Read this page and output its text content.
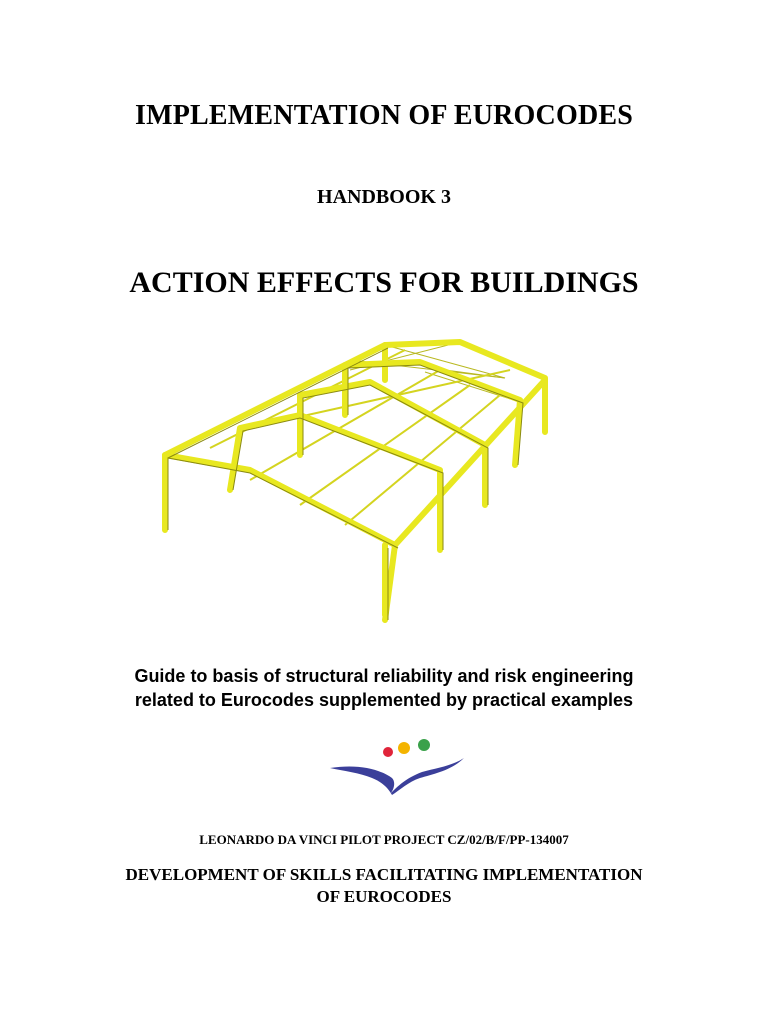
IMPLEMENTATION OF EUROCODES
HANDBOOK 3
ACTION EFFECTS FOR BUILDINGS
Guide to basis of structural reliability and risk engineering
related to Eurocodes supplemented by practical examples
LEONARDO DA VINCI PILOT PROJECT CZ/02/B/F/PP-134007
DEVELOPMENT OF SKILLS FACILITATING IMPLEMENTATION
OF EUROCODES
